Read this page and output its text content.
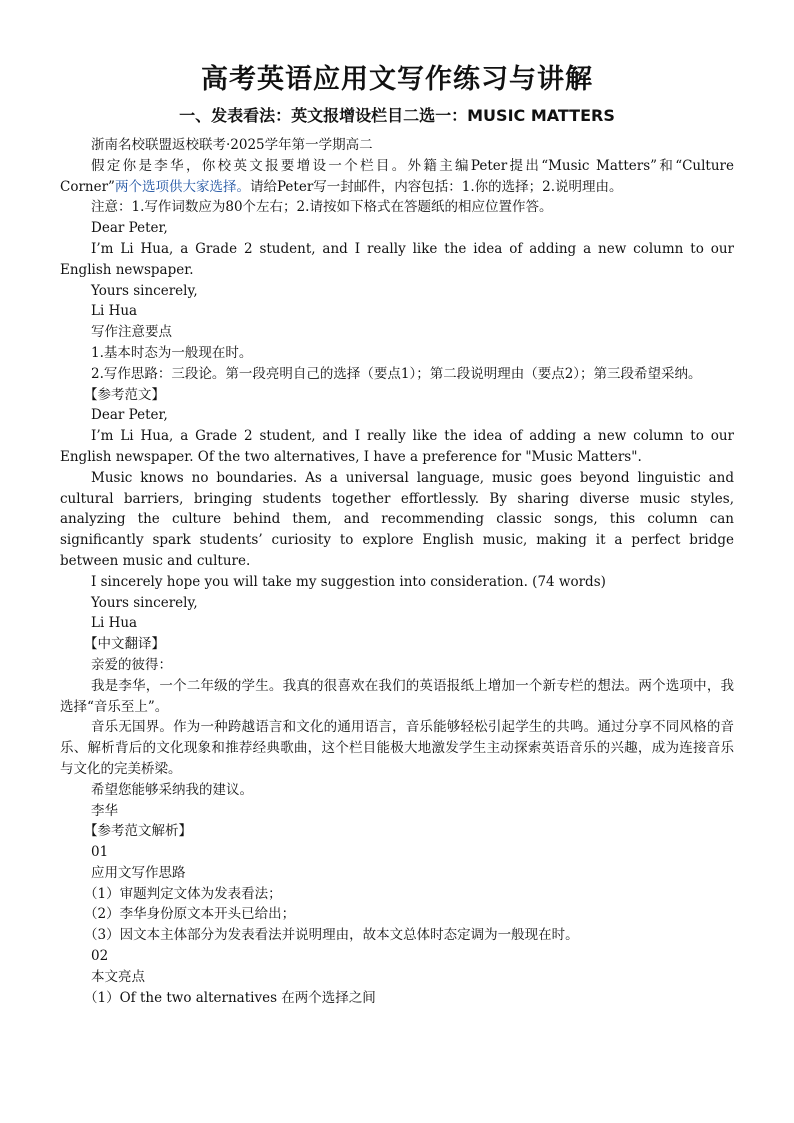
高考英语应用文写作练习与讲解
一、发表看法：英文报增设栏目二选一：MUSIC MATTERS

浙南名校联盟返校联考·2025学年第一学期高二

假定你是李华，你校英文报要增设一个栏目。外籍主编Peter提出“Music Matters”和“Culture Corner”两个选项供大家选择。请给Peter写一封邮件，内容包括：1.你的选择；2.说明理由。

注意：1.写作词数应为80个左右；2.请按如下格式在答题纸的相应位置作答。

Dear Peter,

I’m Li Hua, a Grade 2 student, and I really like the idea of adding a new column to our English newspaper.

Yours sincerely,

Li Hua

写作注意要点

1.基本时态为一般现在时。

2.写作思路：三段论。第一段亮明自己的选择（要点1）；第二段说明理由（要点2）；第三段希望采纳。

【参考范文】

Dear Peter,

I’m Li Hua, a Grade 2 student, and I really like the idea of adding a new column to our English newspaper. Of the two alternatives, I have a preference for "Music Matters".

Music knows no boundaries. As a universal language, music goes beyond linguistic and cultural barriers, bringing students together effortlessly. By sharing diverse music styles, analyzing the culture behind them, and recommending classic songs, this column can significantly spark students’ curiosity to explore English music, making it a perfect bridge between music and culture.

I sincerely hope you will take my suggestion into consideration. (74 words)

Yours sincerely,

Li Hua

【中文翻译】

亲爱的彼得：

我是李华，一个二年级的学生。我真的很喜欢在我们的英语报纸上增加一个新专栏的想法。两个选项中，我选择“音乐至上”。

音乐无国界。作为一种跨越语言和文化的通用语言，音乐能够轻松引起学生的共鸣。通过分享不同风格的音乐、解析背后的文化现象和推荐经典歌曲，这个栏目能极大地激发学生主动探索英语音乐的兴趣，成为连接音乐与文化的完美桥梁。

希望您能够采纳我的建议。

李华

【参考范文解析】

01

应用文写作思路

（1）审题判定文体为发表看法；

（2）李华身份原文本开头已给出；

（3）因文本主体部分为发表看法并说明理由，故本文总体时态定调为一般现在时。

02

本文亮点

（1）Of the two alternatives 在两个选择之间
